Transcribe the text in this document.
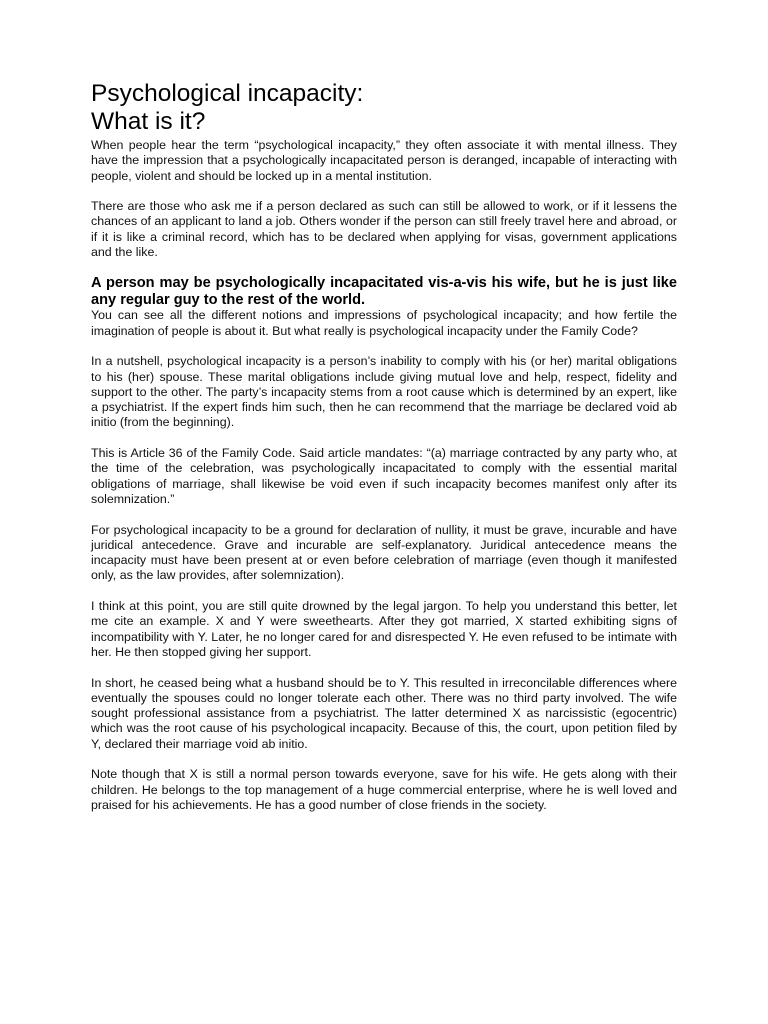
Psychological incapacity:
What is it?

When people hear the term “psychological incapacity,” they often associate it with mental illness. They have the impression that a psychologically incapacitated person is deranged, incapable of interacting with people, violent and should be locked up in a mental institution.

There are those who ask me if a person declared as such can still be allowed to work, or if it lessens the chances of an applicant to land a job. Others wonder if the person can still freely travel here and abroad, or if it is like a criminal record, which has to be declared when applying for visas, government applications and the like.

A person may be psychologically incapacitated vis-a-vis his wife, but he is just like any regular guy to the rest of the world.

You can see all the different notions and impressions of psychological incapacity; and how fertile the imagination of people is about it. But what really is psychological incapacity under the Family Code?

In a nutshell, psychological incapacity is a person’s inability to comply with his (or her) marital obligations to his (her) spouse. These marital obligations include giving mutual love and help, respect, fidelity and support to the other. The party’s incapacity stems from a root cause which is determined by an expert, like a psychiatrist. If the expert finds him such, then he can recommend that the marriage be declared void ab initio (from the beginning).

This is Article 36 of the Family Code. Said article mandates: “(a) marriage contracted by any party who, at the time of the celebration, was psychologically incapacitated to comply with the essential marital obligations of marriage, shall likewise be void even if such incapacity becomes manifest only after its solemnization.”

For psychological incapacity to be a ground for declaration of nullity, it must be grave, incurable and have juridical antecedence. Grave and incurable are self-explanatory. Juridical antecedence means the incapacity must have been present at or even before celebration of marriage (even though it manifested only, as the law provides, after solemnization).

I think at this point, you are still quite drowned by the legal jargon. To help you understand this better, let me cite an example. X and Y were sweethearts. After they got married, X started exhibiting signs of incompatibility with Y. Later, he no longer cared for and disrespected Y. He even refused to be intimate with her. He then stopped giving her support.

In short, he ceased being what a husband should be to Y. This resulted in irreconcilable differences where eventually the spouses could no longer tolerate each other. There was no third party involved. The wife sought professional assistance from a psychiatrist. The latter determined X as narcissistic (egocentric) which was the root cause of his psychological incapacity. Because of this, the court, upon petition filed by Y, declared their marriage void ab initio.

Note though that X is still a normal person towards everyone, save for his wife. He gets along with their children. He belongs to the top management of a huge commercial enterprise, where he is well loved and praised for his achievements. He has a good number of close friends in the society.
